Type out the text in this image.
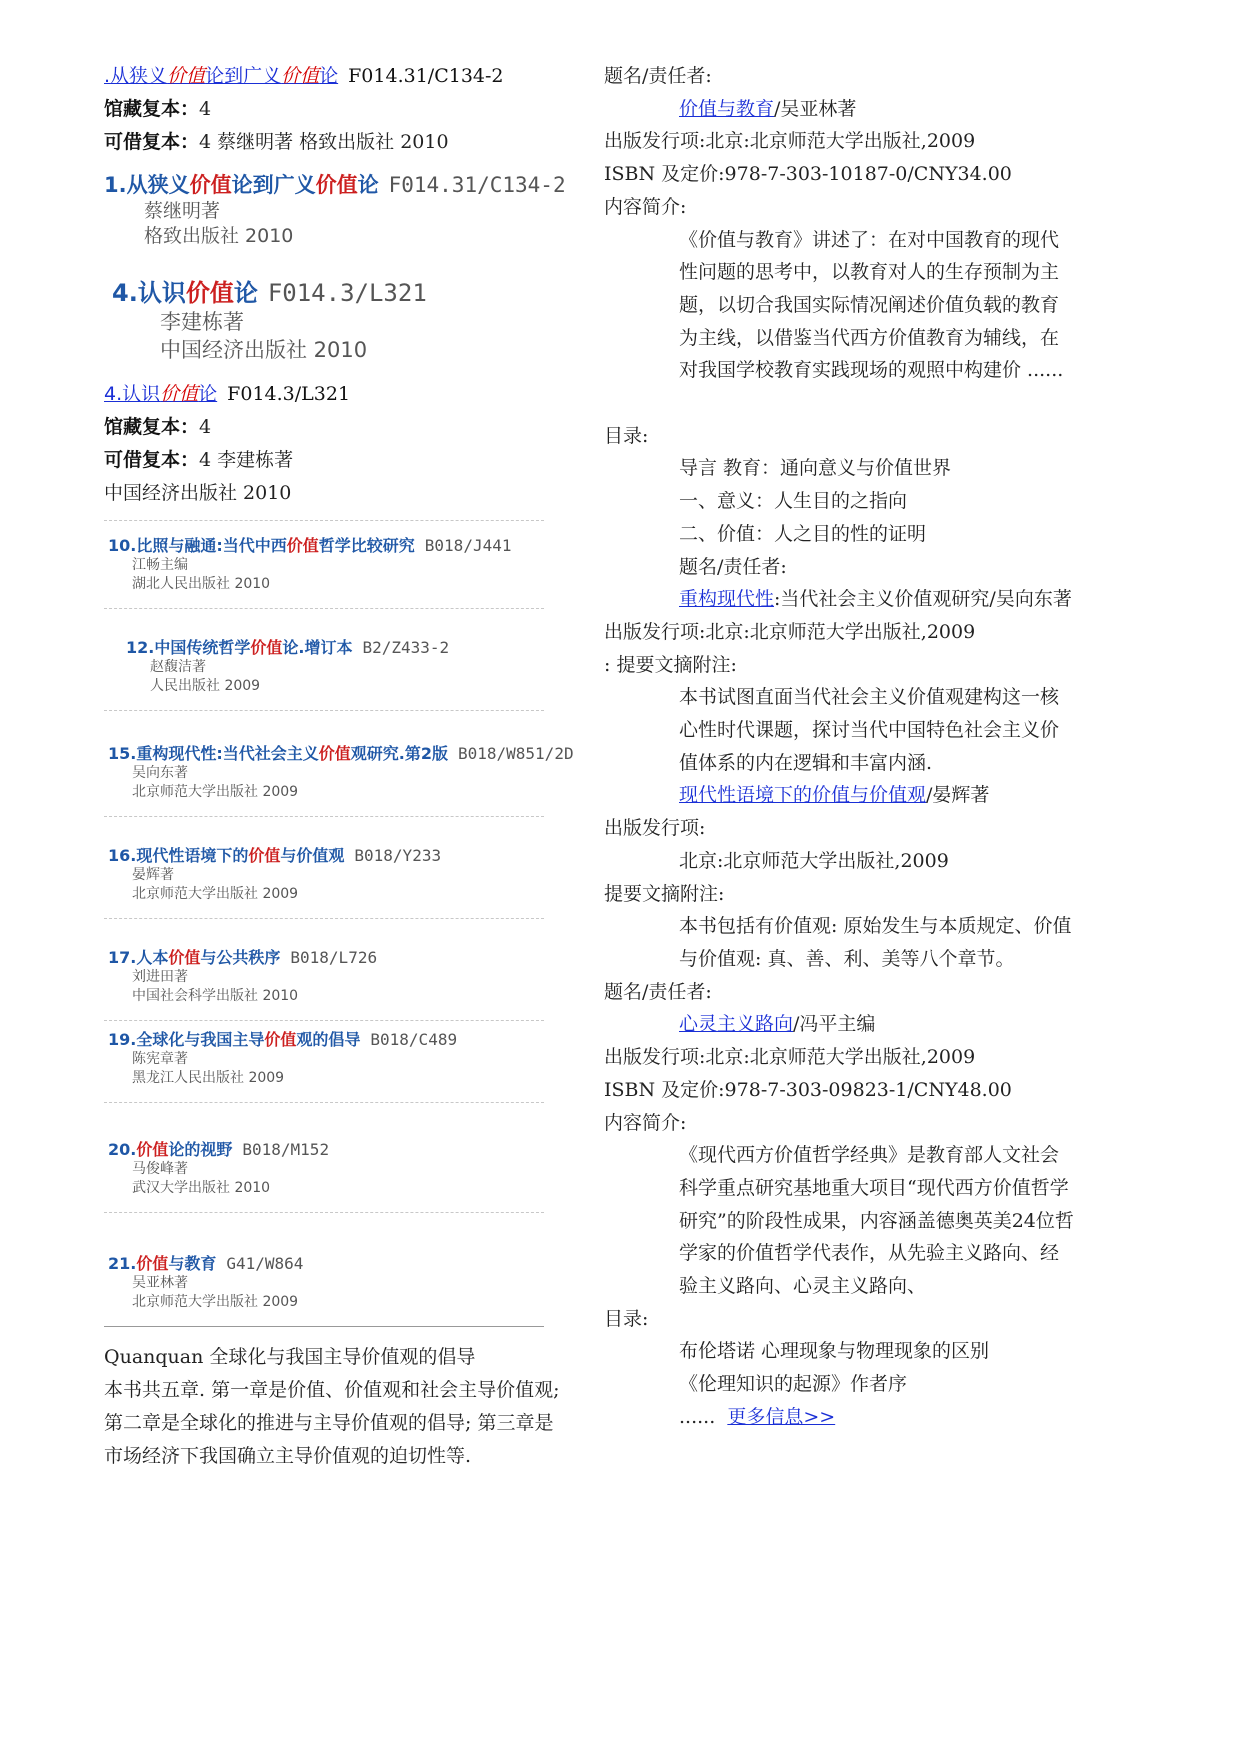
.从狭义价值论到广义价值论 F014.31/C134-2
馆藏复本：4
可借复本：4 蔡继明著 格致出版社 2010
1.从狭义价值论到广义价值论 F014.31/C134-2
蔡继明著
格致出版社 2010
4.认识价值论 F014.3/L321
李建栋著
中国经济出版社 2010
4.认识价值论 F014.3/L321
馆藏复本：4
可借复本：4 李建栋著
中国经济出版社 2010
10.比照与融通:当代中西价值哲学比较研究 B018/J441
江畅主编
湖北人民出版社 2010
12.中国传统哲学价值论.增订本 B2/Z433-2
赵馥洁著
人民出版社 2009
15.重构现代性:当代社会主义价值观研究.第2版 B018/W851/2D
吴向东著
北京师范大学出版社 2009
16.现代性语境下的价值与价值观 B018/Y233
晏辉著
北京师范大学出版社 2009
17.人本价值与公共秩序 B018/L726
刘进田著
中国社会科学出版社 2010
19.全球化与我国主导价值观的倡导 B018/C489
陈宪章著
黑龙江人民出版社 2009
20.价值论的视野 B018/M152
马俊峰著
武汉大学出版社 2010
21.价值与教育 G41/W864
吴亚林著
北京师范大学出版社 2009
Quanquan 全球化与我国主导价值观的倡导
本书共五章. 第一章是价值、价值观和社会主导价值观; 第二章是全球化的推进与主导价值观的倡导; 第三章是市场经济下我国确立主导价值观的迫切性等.
题名/责任者:
价值与教育/吴亚林著
出版发行项:北京:北京师范大学出版社,2009
ISBN 及定价:978-7-303-10187-0/CNY34.00
内容简介:
《价值与教育》讲述了：在对中国教育的现代性问题的思考中，以教育对人的生存预制为主题，以切合我国实际情况阐述价值负载的教育为主线，以借鉴当代西方价值教育为辅线，在对我国学校教育实践现场的观照中构建价 ......

目录:
导言 教育：通向意义与价值世界
一、意义：人生目的之指向
二、价值：人之目的性的证明
题名/责任者:
重构现代性:当代社会主义价值观研究/吴向东著
出版发行项:北京:北京师范大学出版社,2009
: 提要文摘附注:
本书试图直面当代社会主义价值观建构这一核心性时代课题，探讨当代中国特色社会主义价值体系的内在逻辑和丰富内涵.
现代性语境下的价值与价值观/晏辉著
出版发行项:
北京:北京师范大学出版社,2009
提要文摘附注:
本书包括有价值观: 原始发生与本质规定、价值与价值观: 真、善、利、美等八个章节。
题名/责任者:
心灵主义路向/冯平主编
出版发行项:北京:北京师范大学出版社,2009
ISBN 及定价:978-7-303-09823-1/CNY48.00
内容简介:
《现代西方价值哲学经典》是教育部人文社会科学重点研究基地重大项目“现代西方价值哲学研究”的阶段性成果，内容涵盖德奥英美24位哲学家的价值哲学代表作，从先验主义路向、经验主义路向、心灵主义路向、
目录:
布伦塔诺 心理现象与物理现象的区别
《伦理知识的起源》作者序
...... 更多信息>>
